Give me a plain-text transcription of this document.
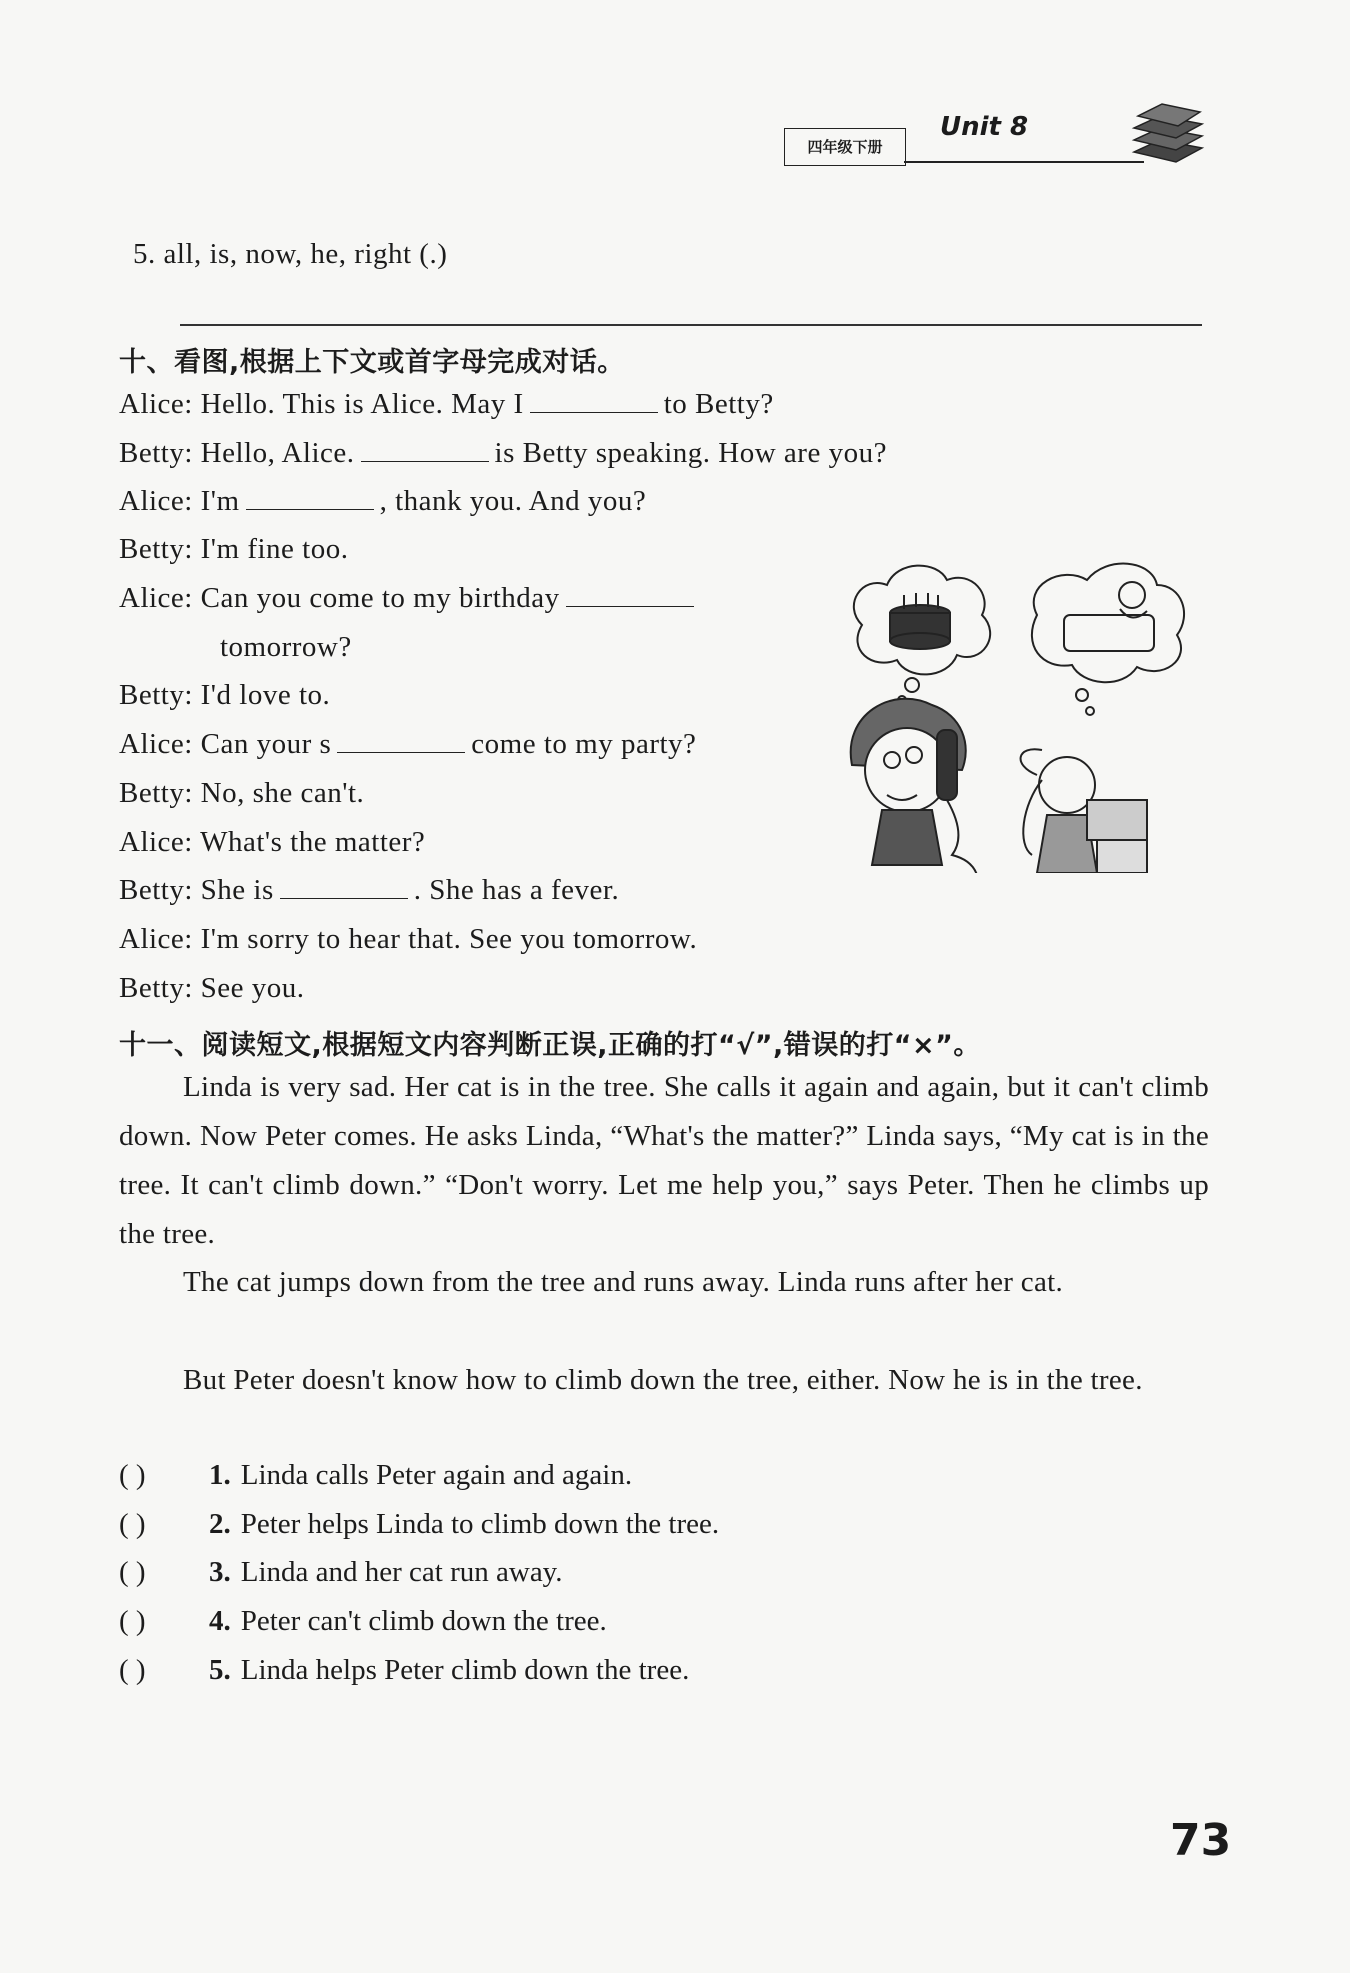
四年级下册
Unit 8
5. all, is, now, he, right (.)
十、看图,根据上下文或首字母完成对话。
Alice: Hello. This is Alice. May I	to Betty?
Betty: Hello, Alice.	is Betty speaking. How are you?
Alice: I'm	, thank you. And you?
Betty: I'm fine too.
Alice: Can you come to my birthday
tomorrow?
Betty: I'd love to.
Alice: Can your s	come to my party?
Betty: No, she can't.
Alice: What's the matter?
Betty: She is	. She has a fever.
Alice: I'm sorry to hear that. See you tomorrow.
Betty: See you.
十一、阅读短文,根据短文内容判断正误,正确的打“√”,错误的打“×”。
Linda is very sad. Her cat is in the tree. She calls it again and again, but it can't climb down. Now Peter comes. He asks Linda, “What's the matter?” Linda says, “My cat is in the tree. It can't climb down.” “Don't worry. Let me help you,” says Peter. Then he climbs up the tree.
The cat jumps down from the tree and runs away. Linda runs after her cat.
But Peter doesn't know how to climb down the tree, either. Now he is in the tree.
( ) 1. Linda calls Peter again and again.
( ) 2. Peter helps Linda to climb down the tree.
( ) 3. Linda and her cat run away.
( ) 4. Peter can't climb down the tree.
( ) 5. Linda helps Peter climb down the tree.
73
